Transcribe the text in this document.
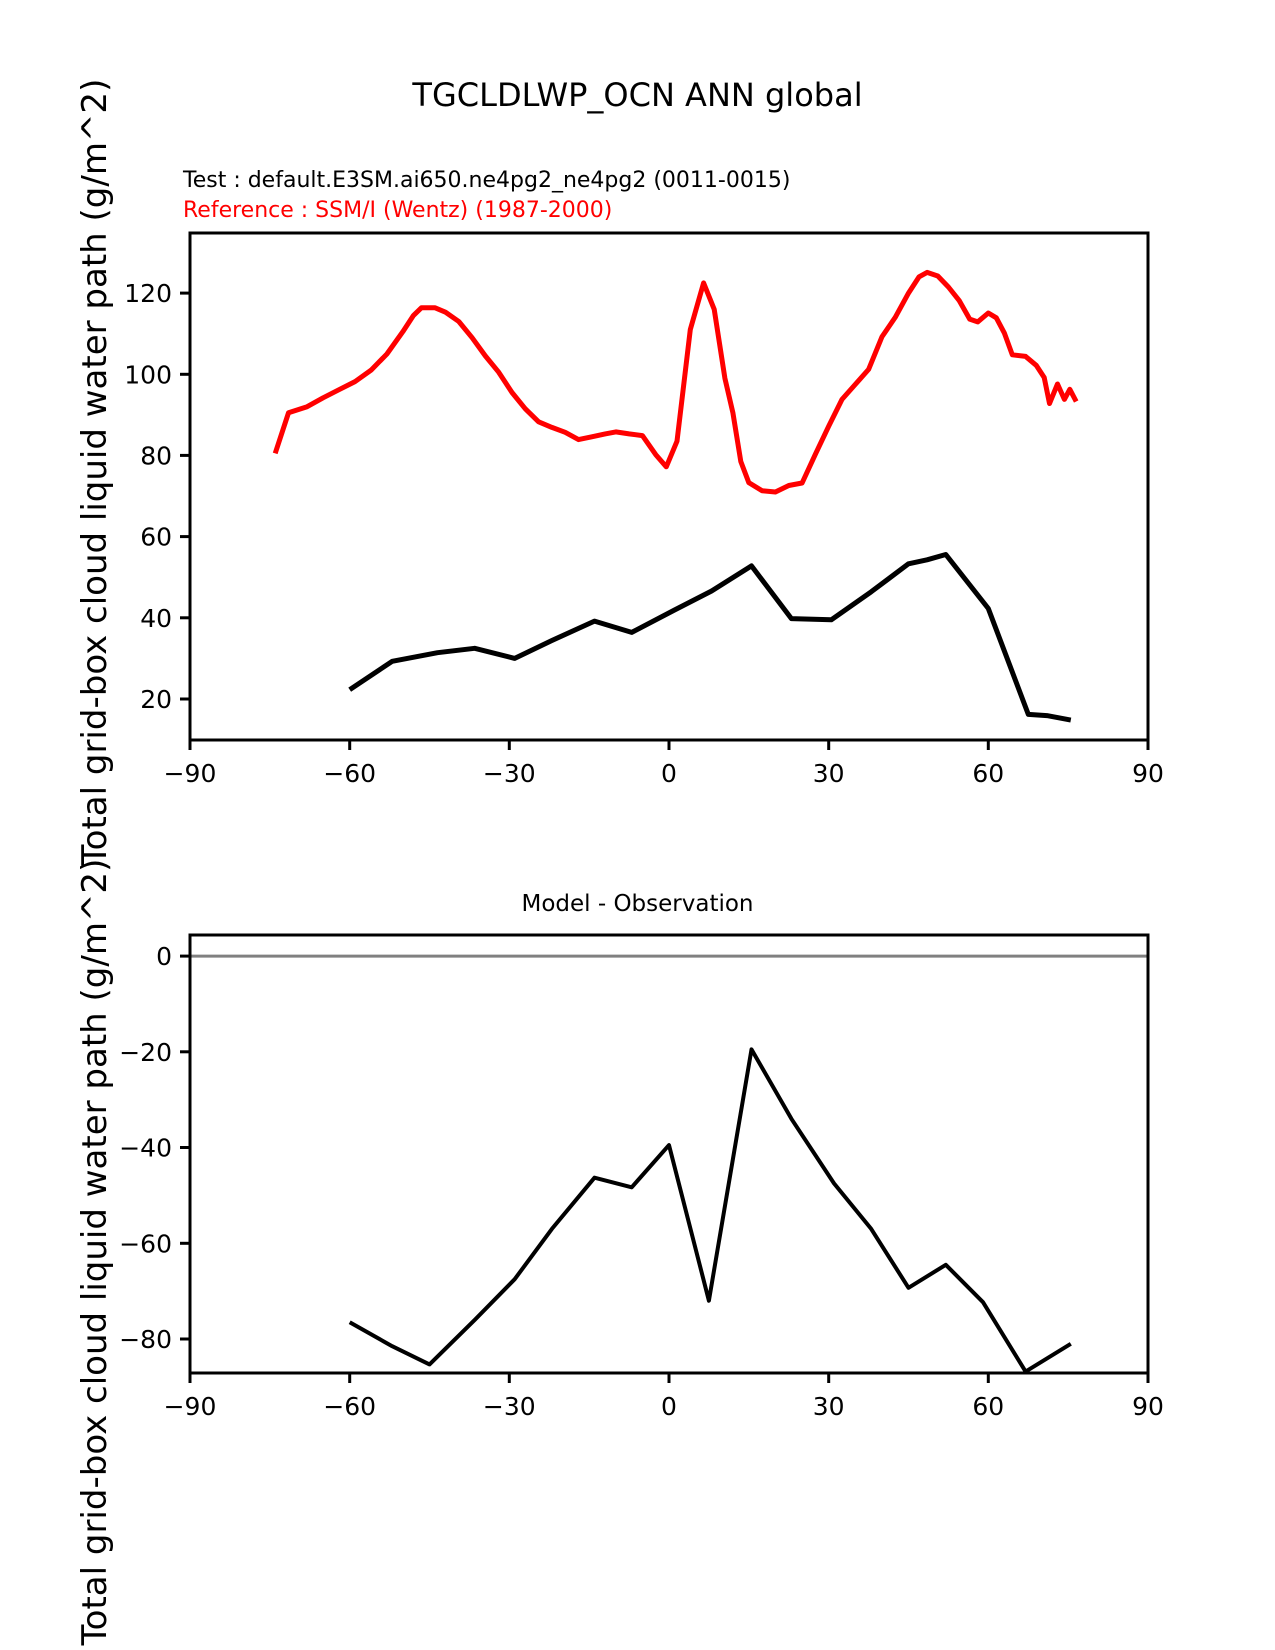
TGCLDLWP_OCN ANN global
Test : default.E3SM.ai650.ne4pg2_ne4pg2 (0011-0015)
Reference : SSM/I (Wentz) (1987-2000)
Total grid-box cloud liquid water path (g/m^2)
Total grid-box cloud liquid water path (g/m^2)	Model - Observation
−90	−60	−30	0	30	60	90
20
40
60
80
100
120
−90	−60	−30	0	30	60	90
0
−20
−40
−60
−80
